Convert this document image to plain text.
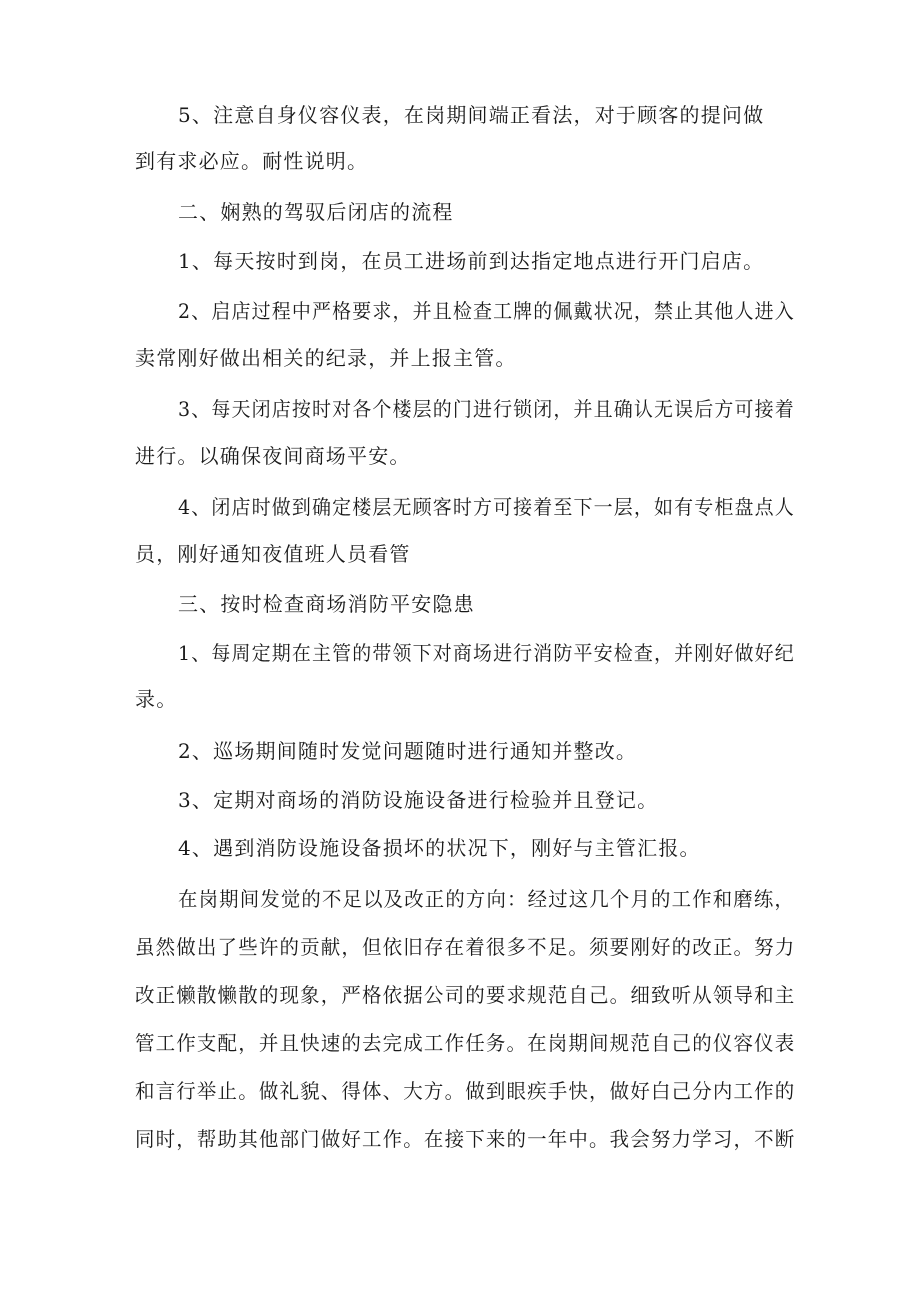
5、注意自身仪容仪表，在岗期间端正看法，对于顾客的提问做
到有求必应。耐性说明。
二、娴熟的驾驭后闭店的流程
1、每天按时到岗，在员工进场前到达指定地点进行开门启店。
2、启店过程中严格要求，并且检查工牌的佩戴状况，禁止其他人进入
卖常刚好做出相关的纪录，并上报主管。
3、每天闭店按时对各个楼层的门进行锁闭，并且确认无误后方可接着
进行。以确保夜间商场平安。
4、闭店时做到确定楼层无顾客时方可接着至下一层，如有专柜盘点人
员，刚好通知夜值班人员看管
三、按时检查商场消防平安隐患
1、每周定期在主管的带领下对商场进行消防平安检查，并刚好做好纪
录。
2、巡场期间随时发觉问题随时进行通知并整改。
3、定期对商场的消防设施设备进行检验并且登记。
4、遇到消防设施设备损坏的状况下，刚好与主管汇报。
在岗期间发觉的不足以及改正的方向：经过这几个月的工作和磨练，
虽然做出了些许的贡献，但依旧存在着很多不足。须要刚好的改正。努力
改正懒散懒散的现象，严格依据公司的要求规范自己。细致听从领导和主
管工作支配，并且快速的去完成工作任务。在岗期间规范自己的仪容仪表
和言行举止。做礼貌、得体、大方。做到眼疾手快，做好白己分内工作的
同时，帮助其他部门做好工作。在接下来的一年中。我会努力学习，不断
